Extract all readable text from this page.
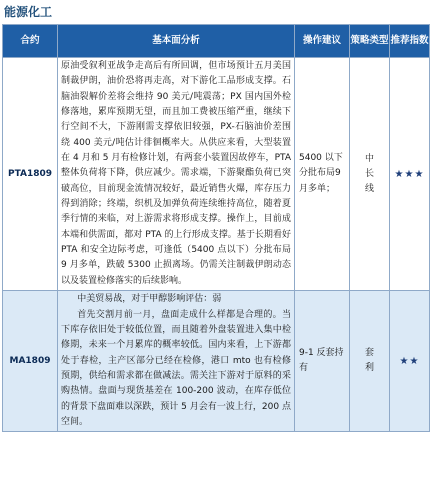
能源化工
合约	基本面分析	操作建议	策略类型	推荐指数
PTA1809	原油受叙利亚战争走高后有所回调，但市场预计五月美国制裁伊朗，油价恐将再走高，对下游化工品形成支撑。石脑油裂解价差将会维持 90 美元/吨震荡；PX 国内国外检修落地，累库预期无望，而且加工费被压缩严重，继续下行空间不大，下游刚需支撑依旧较强，PX-石脑油价差围绕 400 美元/吨估计徘徊概率大。从供应来看，大型装置在 4 月和 5 月有检修计划，有两套小装置因故停车，PTA 整体负荷将下降，供应减少。需求端，下游聚酯负荷已突破高位，目前现金流情况较好，最近销售火爆，库存压力得到消除；终端，织机及加弹负荷连续维持高位，随着夏季行情的来临，对上游需求将形成支撑。操作上，目前成本端和供需面，都对 PTA 的上行形成支撑。基于长期看好 PTA 和安全边际考虑，可逢低（5400 点以下）分批布局 9 月多单，跌破 5300 止损离场。仍需关注制裁伊朗动态以及装置检修落实的后续影响。	5400 以下分批布局9 月多单；	中长线	★★★
MA1809	中美贸易战，对于甲醇影响评估：弱

首先交割月前一月，盘面走成什么样都是合理的。当下库存依旧处于较低位置，而且随着外盘装置进入集中检修期，未来一个月累库的概率较低。国内来看，上下游都处于春检，主产区部分已经在检修，港口 mto 也有检修预期，供给和需求都在做减法。需关注下游对于原料的采购热情。盘面与现货基差在 100-200 波动，在库存低位的背景下盘面难以深跌，预计 5 月会有一波上行，200 点空间。	9-1 反套持有	套利	★★
